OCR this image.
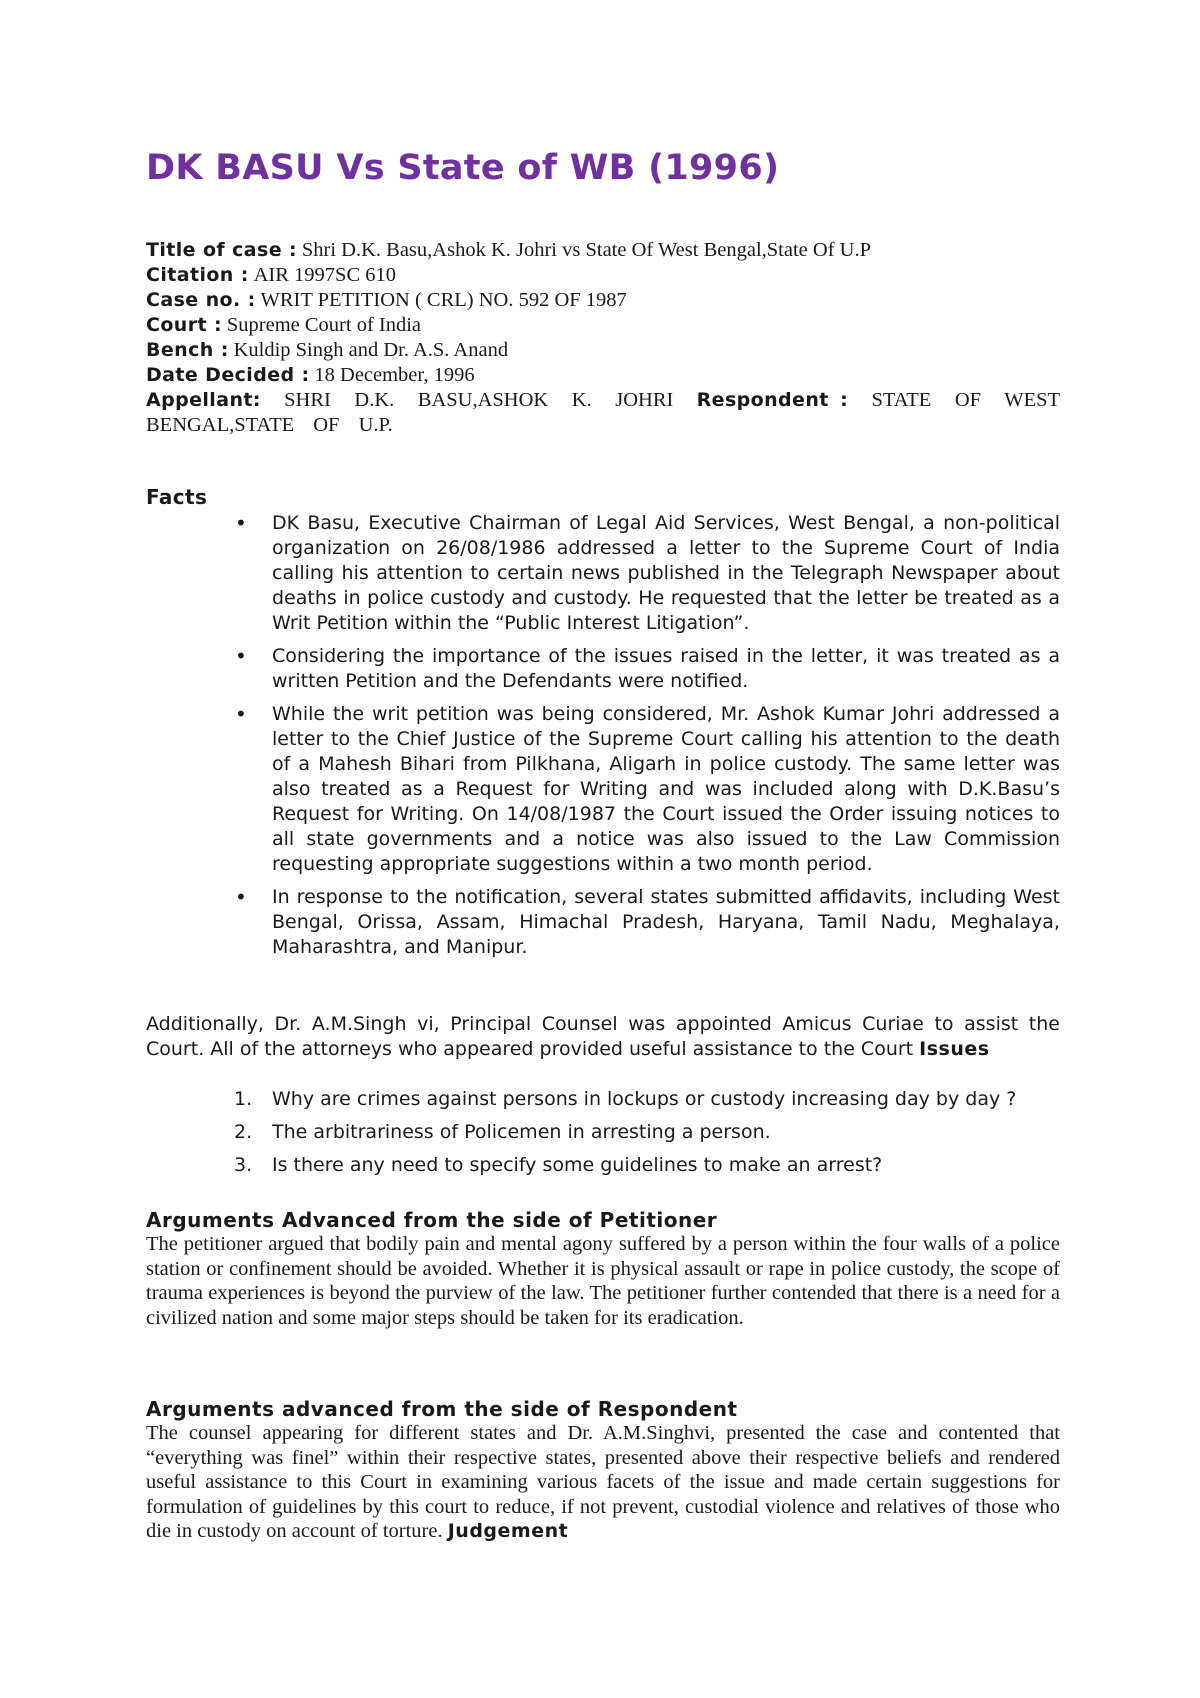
DK BASU Vs State of WB (1996)
Title of case : Shri D.K. Basu,Ashok K. Johri vs State Of West Bengal,State Of U.P
Citation : AIR 1997SC 610
Case no. : WRIT PETITION ( CRL) NO. 592 OF 1987
Court : Supreme Court of India
Bench : Kuldip Singh and Dr. A.S. Anand
Date Decided : 18 December, 1996
Appellant: SHRI D.K. BASU,ASHOK K. JOHRI Respondent : STATE OF WEST BENGAL,STATE OF U.P.
Facts
• DK Basu, Executive Chairman of Legal Aid Services, West Bengal, a non-political organization on 26/08/1986 addressed a letter to the Supreme Court of India calling his attention to certain news published in the Telegraph Newspaper about deaths in police custody and custody. He requested that the letter be treated as a Writ Petition within the “Public Interest Litigation”.
• Considering the importance of the issues raised in the letter, it was treated as a written Petition and the Defendants were notified.
• While the writ petition was being considered, Mr. Ashok Kumar Johri addressed a letter to the Chief Justice of the Supreme Court calling his attention to the death of a Mahesh Bihari from Pilkhana, Aligarh in police custody. The same letter was also treated as a Request for Writing and was included along with D.K.Basu’s Request for Writing. On 14/08/1987 the Court issued the Order issuing notices to all state governments and a notice was also issued to the Law Commission requesting appropriate suggestions within a two month period.
• In response to the notification, several states submitted affidavits, including West Bengal, Orissa, Assam, Himachal Pradesh, Haryana, Tamil Nadu, Meghalaya, Maharashtra, and Manipur.
Additionally, Dr. A.M.Singh vi, Principal Counsel was appointed Amicus Curiae to assist the Court. All of the attorneys who appeared provided useful assistance to the Court Issues
1. Why are crimes against persons in lockups or custody increasing day by day ?
2. The arbitrariness of Policemen in arresting a person.
3. Is there any need to specify some guidelines to make an arrest?
Arguments Advanced from the side of Petitioner
The petitioner argued that bodily pain and mental agony suffered by a person within the four walls of a police station or confinement should be avoided. Whether it is physical assault or rape in police custody, the scope of trauma experiences is beyond the purview of the law. The petitioner further contended that there is a need for a civilized nation and some major steps should be taken for its eradication.
Arguments advanced from the side of Respondent
The counsel appearing for different states and Dr. A.M.Singhvi, presented the case and contented that “everything was finel” within their respective states, presented above their respective beliefs and rendered useful assistance to this Court in examining various facets of the issue and made certain suggestions for formulation of guidelines by this court to reduce, if not prevent, custodial violence and relatives of those who die in custody on account of torture. Judgement
